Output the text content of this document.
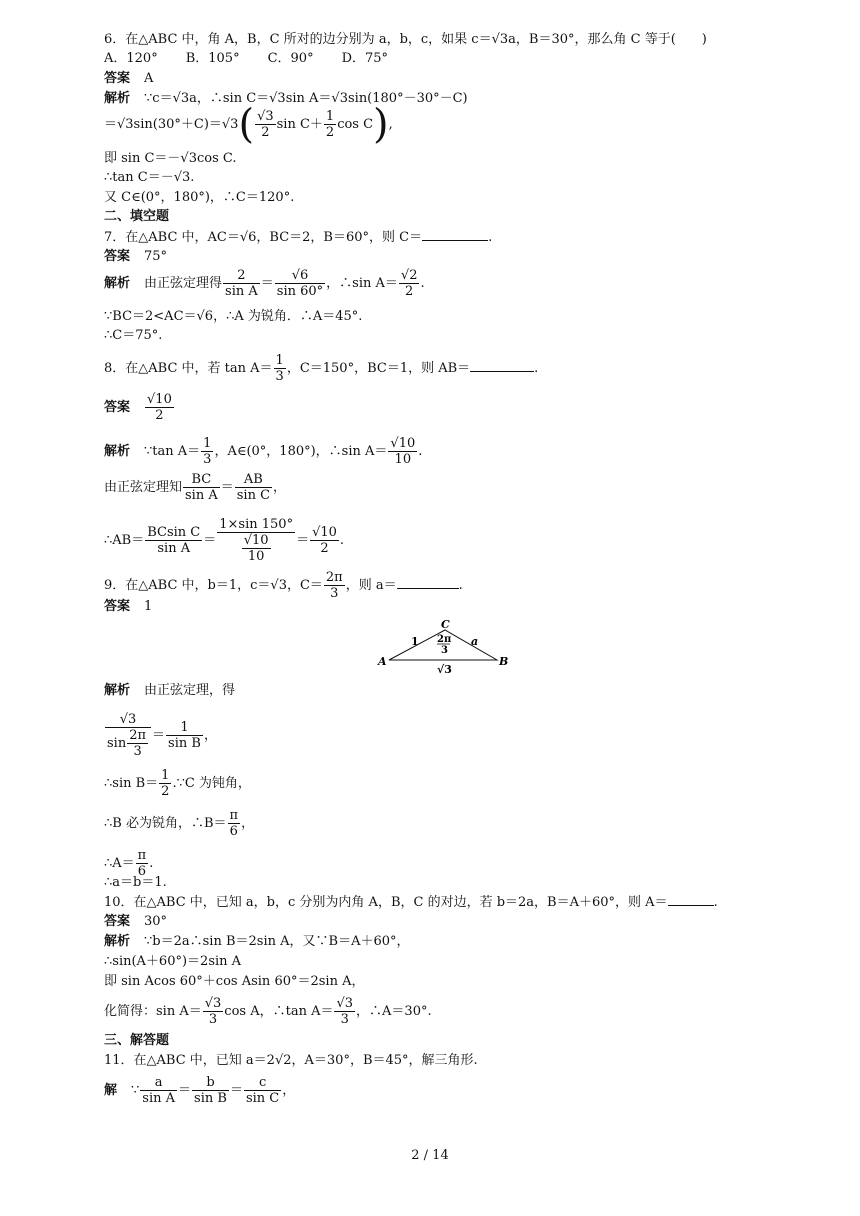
6．在△ABC 中，角 A，B，C 所对的边分别为 a，b，c，如果 c＝√3a，B＝30°，那么角 C 等于( )
A．120° B．105° C．90° D．75°
答案 A
解析 ∵c＝√3a，∴sin C＝√3sin A＝√3sin(180°－30°－C)
$=√3\sin(30^\circ+C)=√3( \frac{√3}{2}$ $\sin C+ \frac{1}{2}$ cos C),
即 sin C＝－√3cos C.
∴tan C＝－√3.
又 C∈(0°，180°)，∴C＝120°.
二、填空题
7．在△ABC 中，AC＝√6，BC＝2，B＝60°，则 C＝	.
答案 75°
解析 由正弦定理得 $\frac{2}{\text{sin A}} = \frac{√6}{\sin 60^\circ}$ ，∴sin $A= \frac{√2}{2}$ .
∵BC＝2<AC＝√6，∴A 为锐角．∴A＝45°.
∴C＝75°.
8．在△ABC 中，若 $\tan A= \frac{1}{3}$ ，C＝150°，BC＝1，则 AB＝	.
答案 $\frac{√10}{2}$
解析 ∵tan $A= \frac{1}{3}$ ，A∈(0°，180°)，∴sin $A= \frac{√10}{10}$ .
由正弦定理知 $\frac{BC}{\text{sin A}} = \frac{AB}{\text{sin C}}$ ，
∴AB＝ $\frac{\text{BCsin C}}{\text{sin A}} = \frac{1\times\sin 150^\circ}{\frac{√10}{10}} = \frac{√10}{2}$ .
9．在△ABC 中，b＝1，c＝√3，$C= \frac{2\pi}{3}$ ，则 a＝	.
答案 1
A	B
C
1	a
√3
2π
3
解析 由正弦定理，得
$\frac{√3}{\sin \frac{2\pi}{3}} = \frac{1}{\text{sin B}}$ ，
∴sin $B= \frac{1}{2}$ .∵C 为钝角，
∴B 必为锐角，∴B＝ $\frac{\pi}{6}$ ，
∴A＝ $\frac{\pi}{6}$ .
∴a＝b＝1.
10．在△ABC 中，已知 a，b，c 分别为内角 A，B，C 的对边，若 b＝2a，B＝A＋60°，则 A＝	.
答案 30°
解析 ∵b＝2a∴sin B＝2sin A，又∵B＝A＋60°，
∴sin(A＋60°)＝2sin A
即 sin Acos 60°＋cos Asin 60°＝2sin A，
化简得：$\sin A= \frac{√3}{3}$ cos A，∴tan $A= \frac{√3}{3}$ ，∴A＝30°.
三、解答题
11．在△ABC 中，已知 a＝2√2，A＝30°，B＝45°，解三角形.
解 ∵ $\frac{a}{\text{sin A}} = \frac{b}{\text{sin B}} = \frac{c}{\text{sin C}}$ ，
2 / 14
